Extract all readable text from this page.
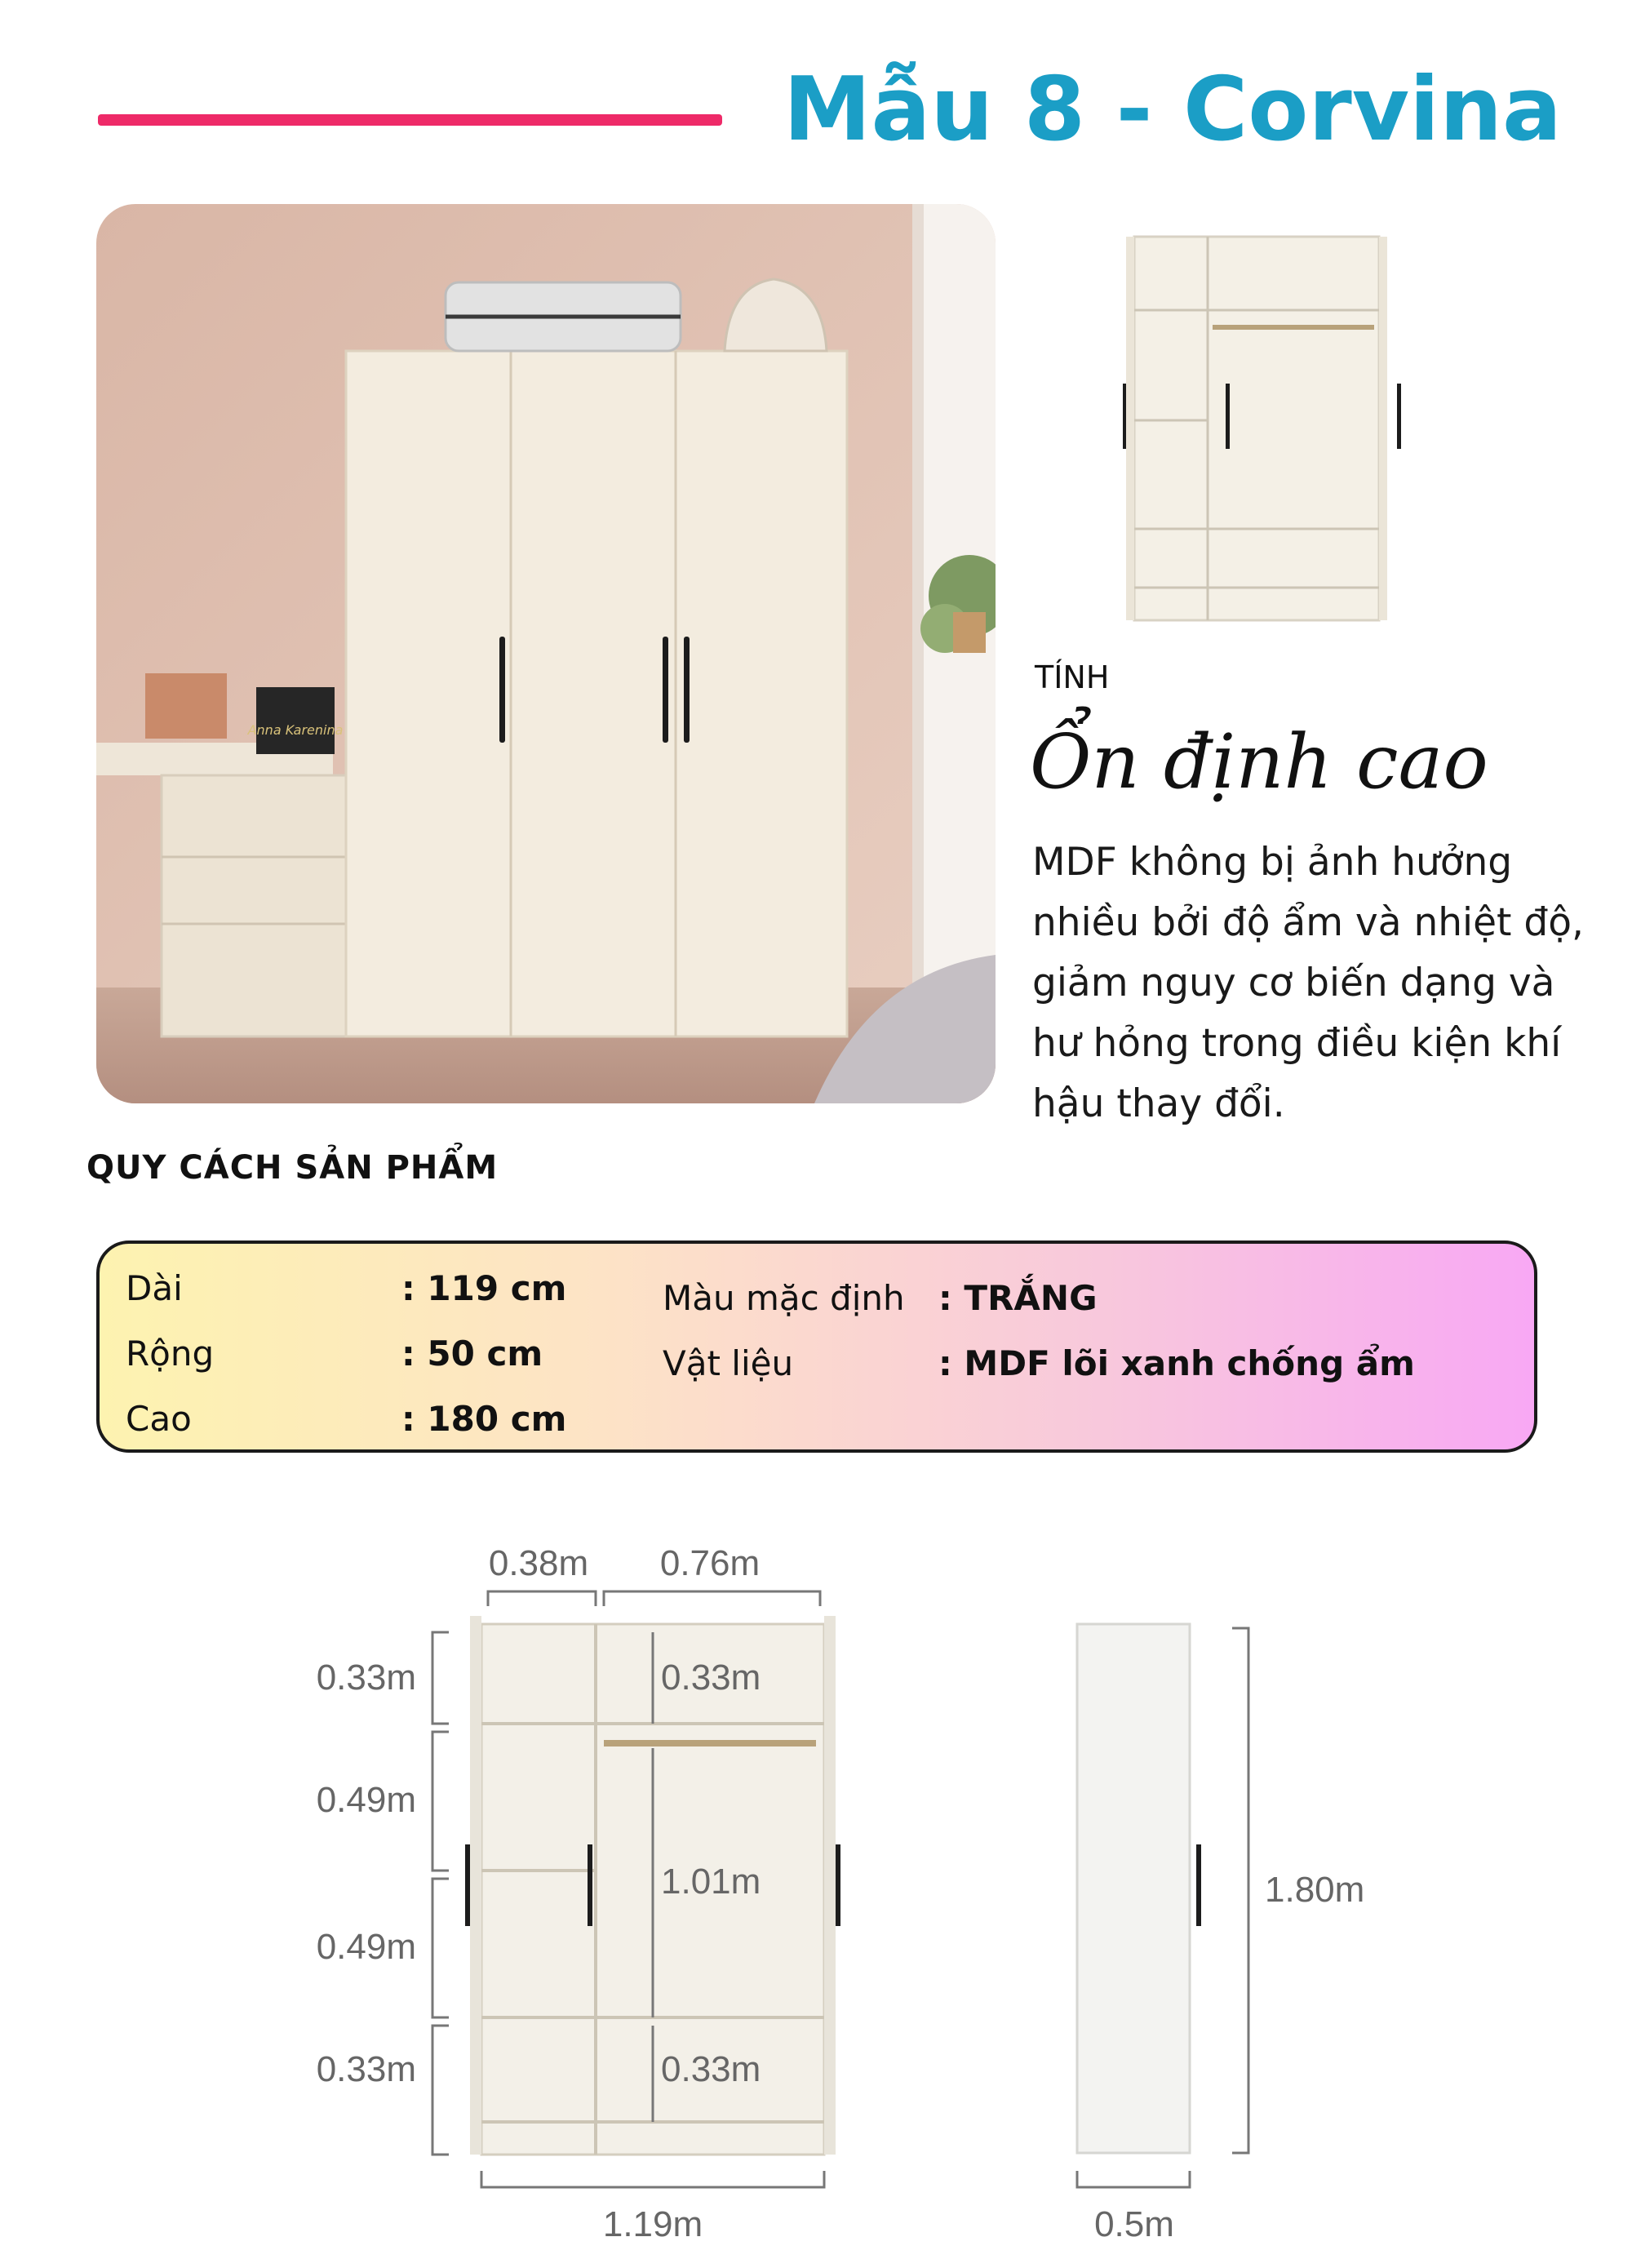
Mẫu 8 - Corvina
Anna Karenina
TÍNH
Ổn định cao
MDF không bị ảnh hưởng nhiều bởi độ ẩm và nhiệt độ, giảm nguy cơ biến dạng và hư hỏng trong điều kiện khí hậu thay đổi.
QUY CÁCH SẢN PHẨM
Dài	: 119 cm
Rộng	: 50 cm
Cao	: 180 cm
Màu mặc định : TRẮNG
Vật liệu	: MDF lõi xanh chống ẩm
0.38m 0.76m
0.33m
0.49m
0.49m
0.33m
0.33m
1.01m
0.33m
1.19m
1.80m
0.5m
